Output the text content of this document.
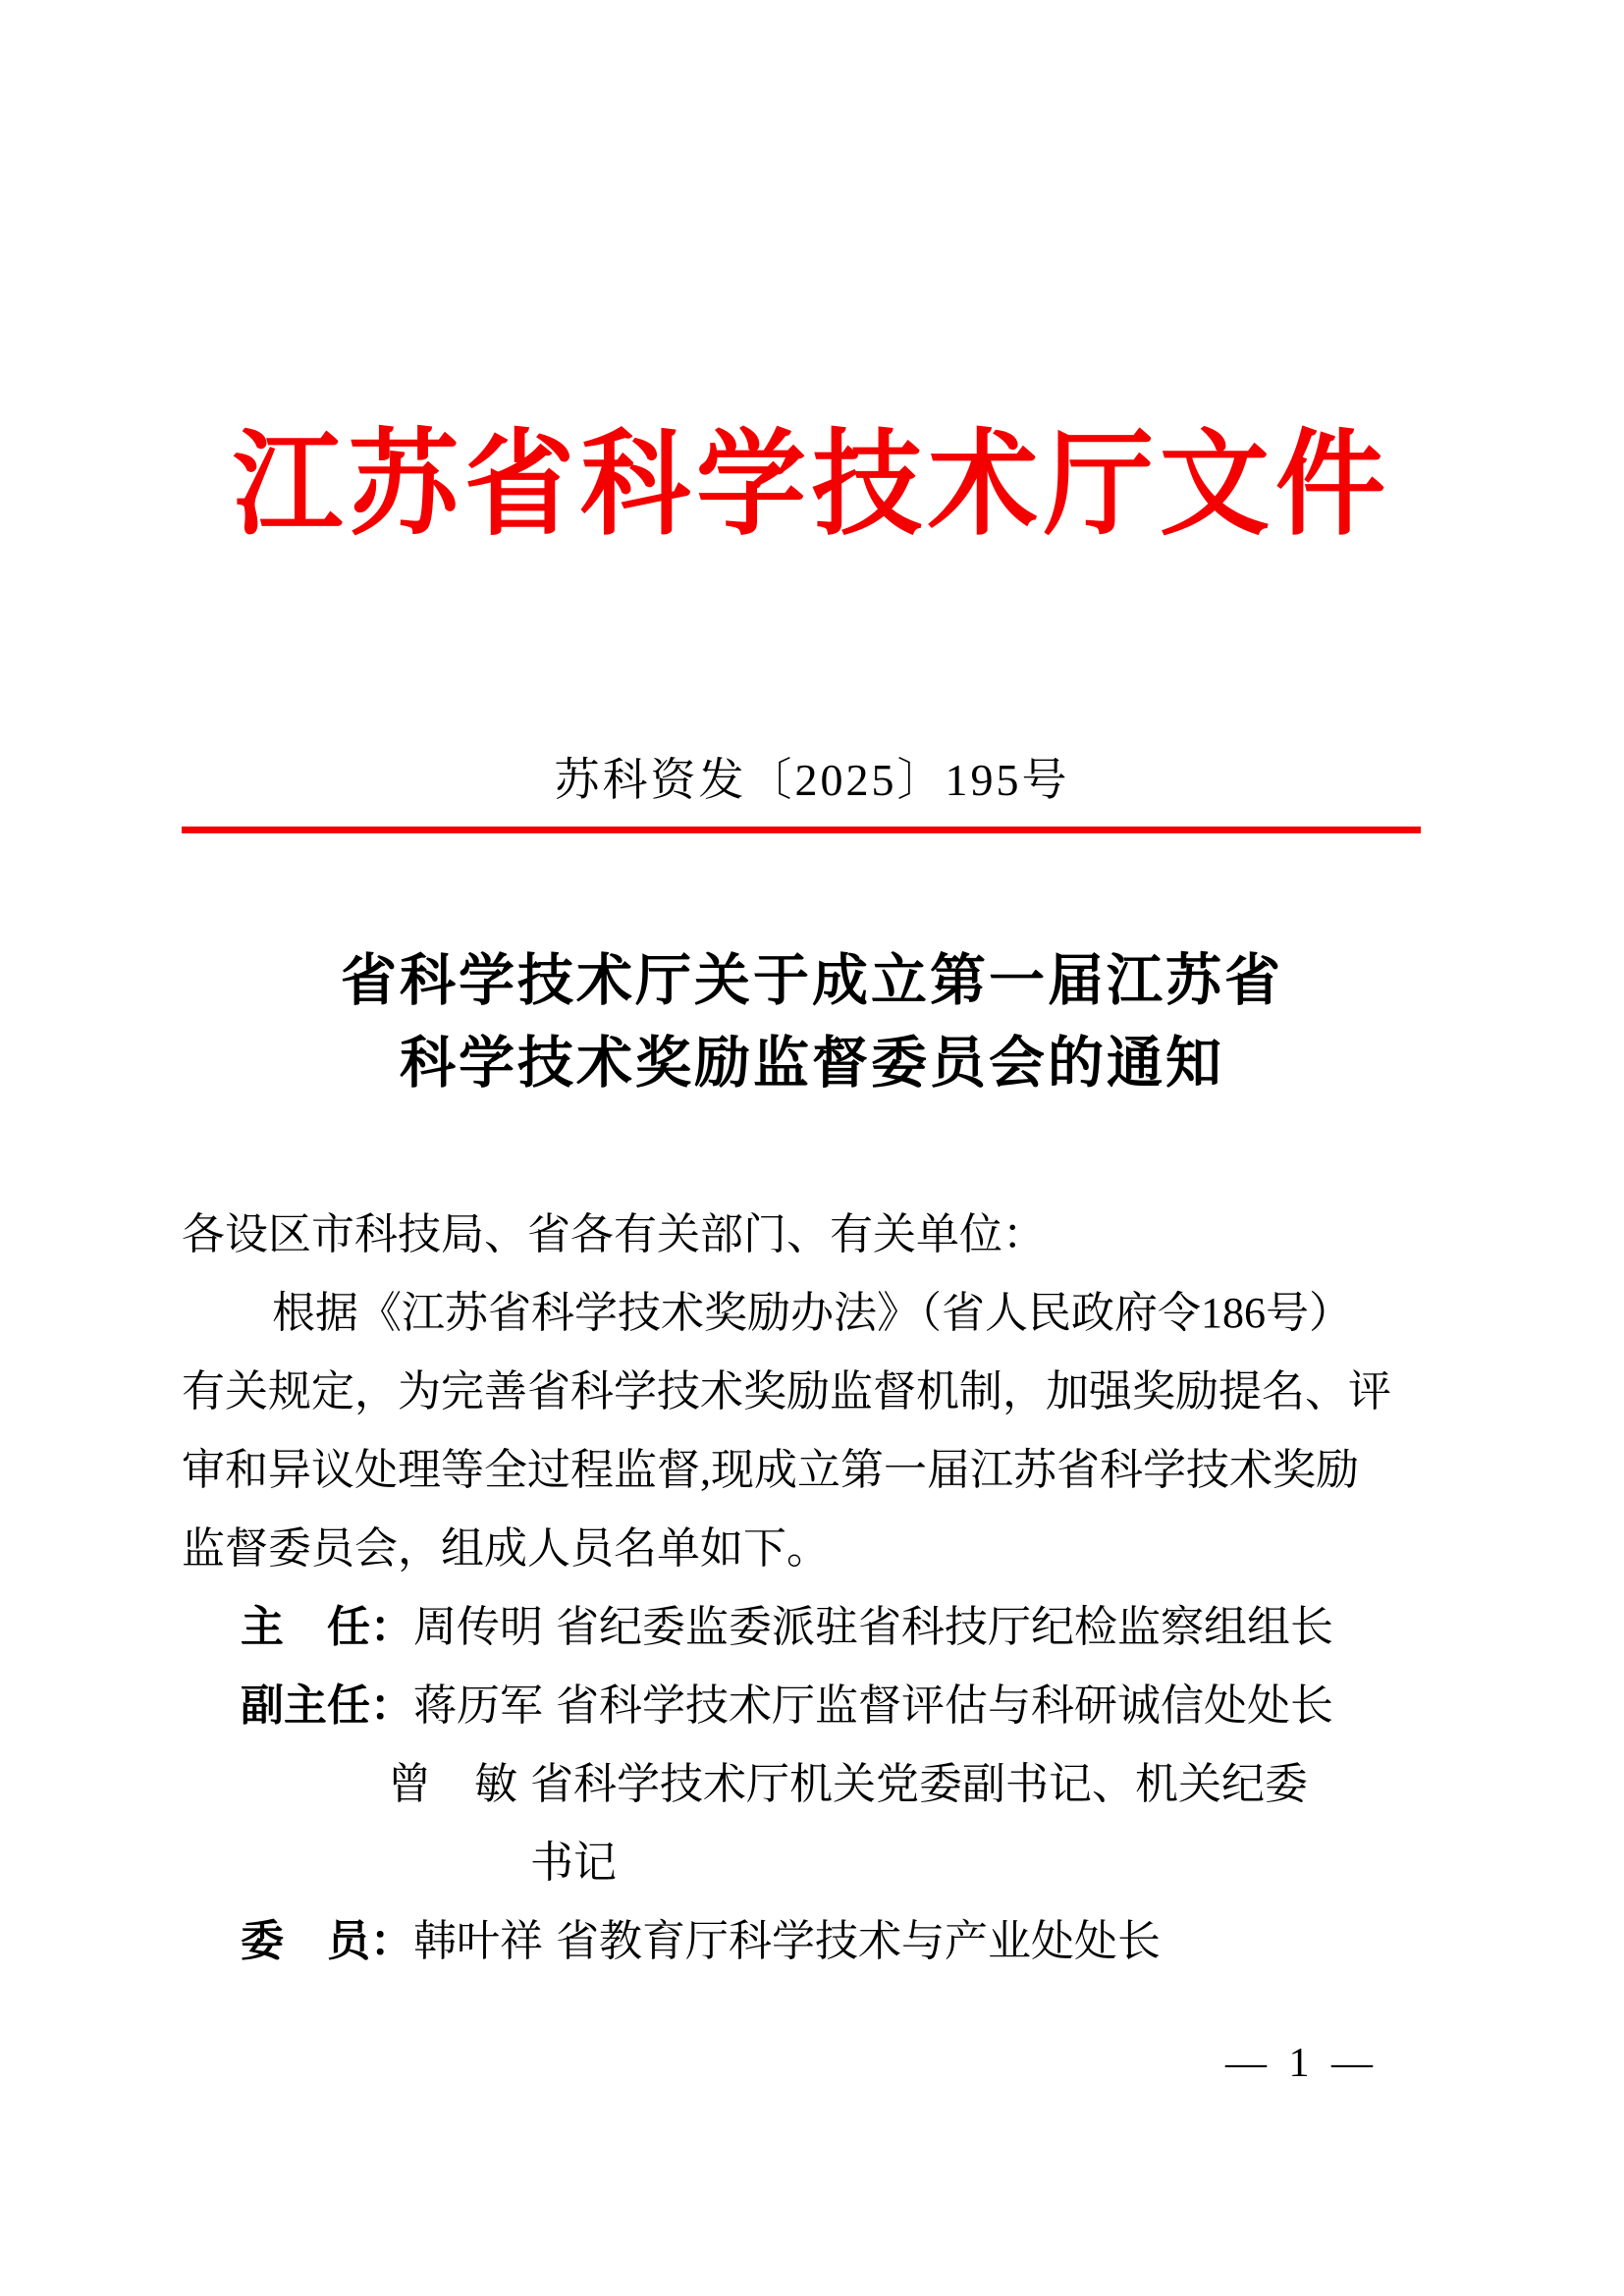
江苏省科学技术厅文件
苏科资发〔2025〕195号
省科学技术厅关于成立第一届江苏省
科学技术奖励监督委员会的通知
各设区市科技局、省各有关部门、有关单位：
根据《江苏省科学技术奖励办法》（省人民政府令186号）
有关规定，为完善省科学技术奖励监督机制，加强奖励提名、评
审和异议处理等全过程监督,现成立第一届江苏省科学技术奖励
监督委员会，组成人员名单如下。
主　任： 周传明 省纪委监委派驻省科技厅纪检监察组组长
副主任： 蒋历军 省科学技术厅监督评估与科研诚信处处长
曾　敏 省科学技术厅机关党委副书记、机关纪委
书记
委　员： 韩叶祥 省教育厅科学技术与产业处处长
— 1 —
